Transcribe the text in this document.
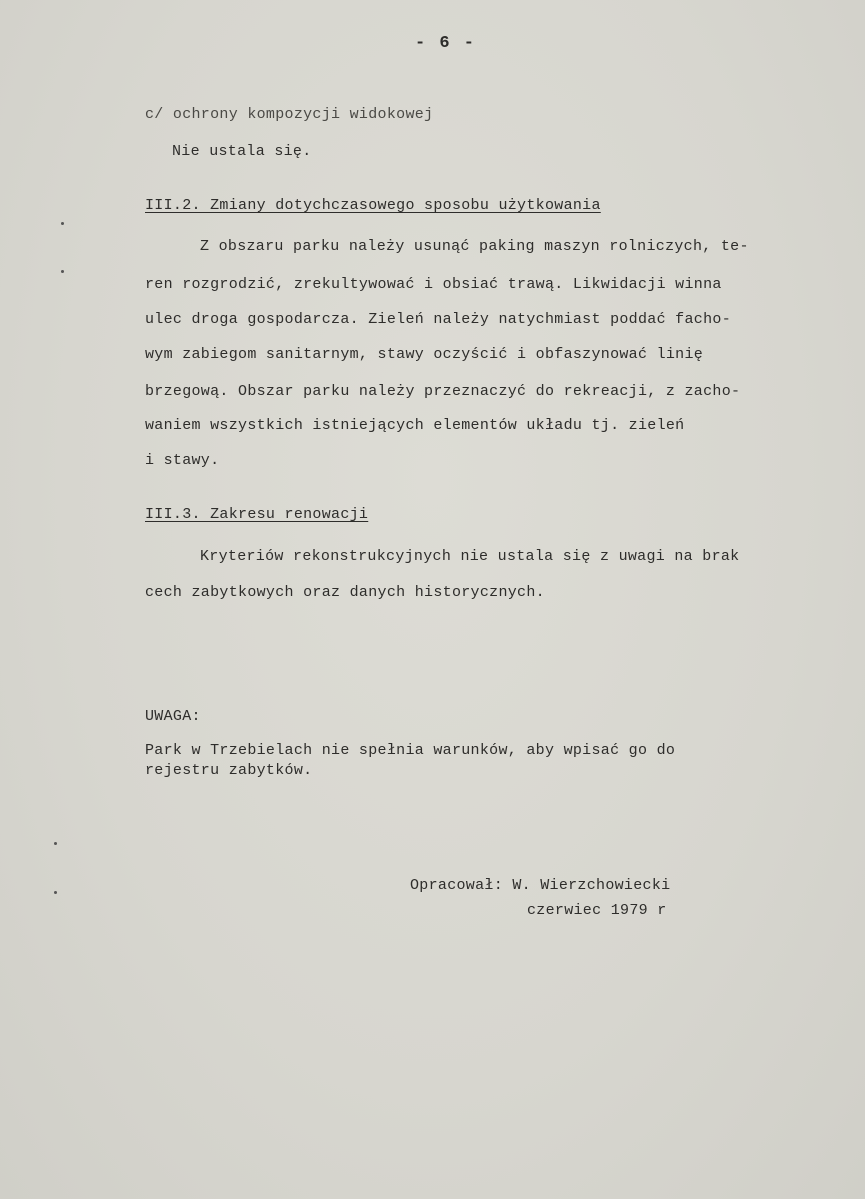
- 6 -
c/ ochrony kompozycji widokowej
Nie ustala się.
III.2. Zmiany dotychczasowego sposobu użytkowania
Z obszaru parku należy usunąć paking maszyn rolniczych, te-
ren rozgrodzić, zrekultywować i obsiać trawą. Likwidacji winna
ulec droga gospodarcza. Zieleń należy natychmiast poddać facho-
wym zabiegom sanitarnym, stawy oczyścić i obfaszynować linię
brzegową. Obszar parku należy przeznaczyć do rekreacji, z zacho-
waniem wszystkich istniejących elementów układu tj. zieleń
i stawy.
III.3. Zakresu renowacji
Kryteriów rekonstrukcyjnych nie ustala się z uwagi na brak
cech zabytkowych oraz danych historycznych.
UWAGA:
Park w Trzebielach nie spełnia warunków, aby wpisać go do
rejestru zabytków.
Opracował: W. Wierzchowiecki
czerwiec 1979 r
